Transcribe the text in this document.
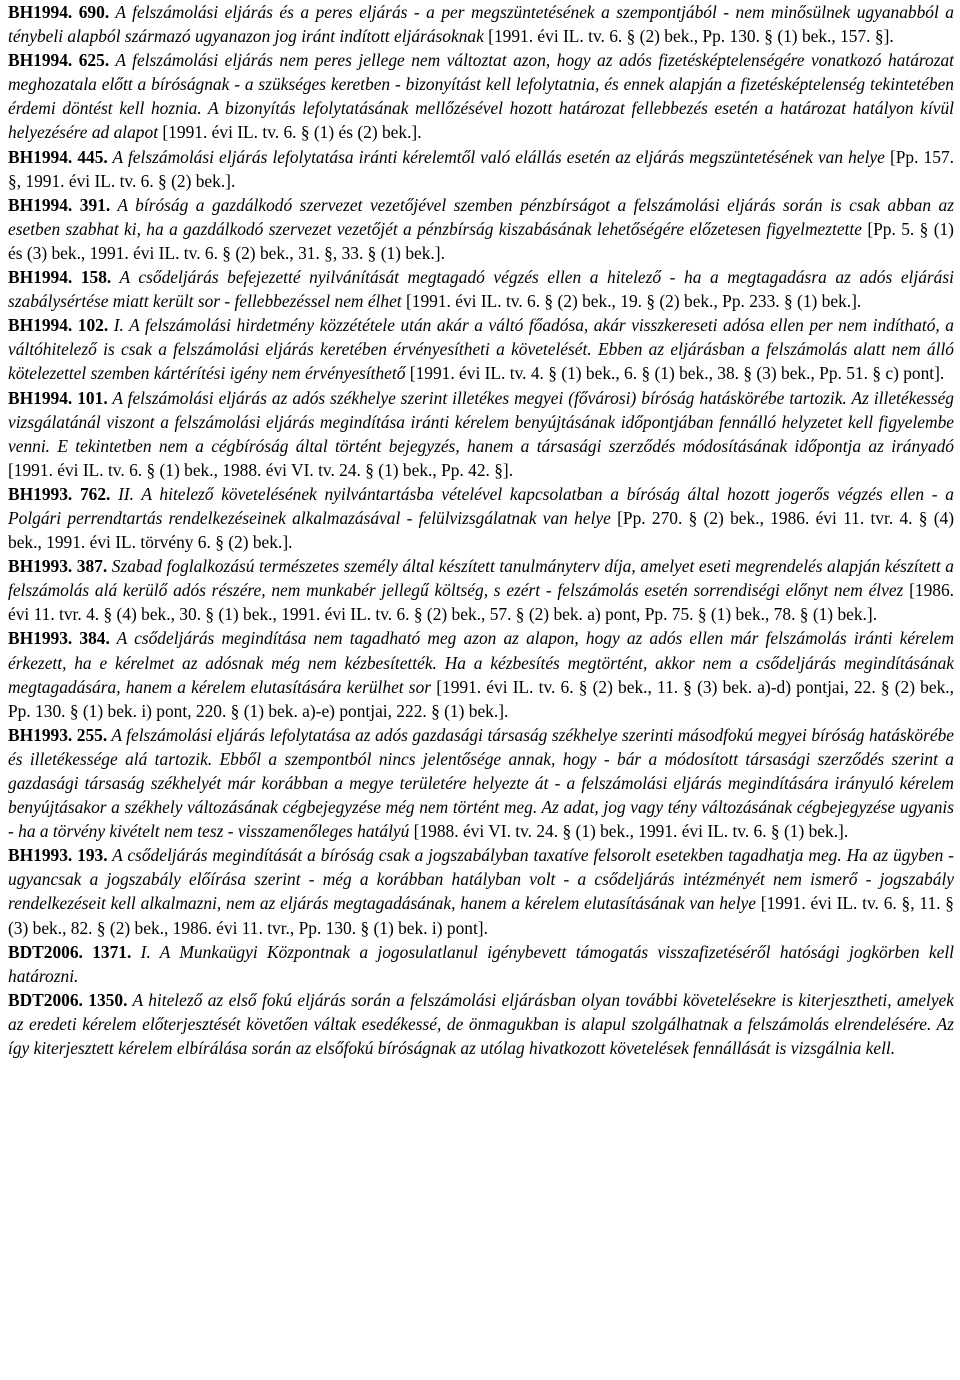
BH1994. 690. A felszámolási eljárás és a peres eljárás - a per megszüntetésének a szempontjából - nem minősülnek ugyanabból a ténybeli alapból származó ugyanazon jog iránt indított eljárásoknak [1991. évi IL. tv. 6. § (2) bek., Pp. 130. § (1) bek., 157. §].

BH1994. 625. A felszámolási eljárás nem peres jellege nem változtat azon, hogy az adós fizetésképtelenségére vonatkozó határozat meghozatala előtt a bíróságnak - a szükséges keretben - bizonyítást kell lefolytatnia, és ennek alapján a fizetésképtelenség tekintetében érdemi döntést kell hoznia. A bizonyítás lefolytatásának mellőzésével hozott határozat fellebbezés esetén a határozat hatályon kívül helyezésére ad alapot [1991. évi IL. tv. 6. § (1) és (2) bek.].

BH1994. 445. A felszámolási eljárás lefolytatása iránti kérelemtől való elállás esetén az eljárás megszüntetésének van helye [Pp. 157. §, 1991. évi IL. tv. 6. § (2) bek.].

BH1994. 391. A bíróság a gazdálkodó szervezet vezetőjével szemben pénzbírságot a felszámolási eljárás során is csak abban az esetben szabhat ki, ha a gazdálkodó szervezet vezetőjét a pénzbírság kiszabásának lehetőségére előzetesen figyelmeztette [Pp. 5. § (1) és (3) bek., 1991. évi IL. tv. 6. § (2) bek., 31. §, 33. § (1) bek.].

BH1994. 158. A csődeljárás befejezetté nyilvánítását megtagadó végzés ellen a hitelező - ha a megtagadásra az adós eljárási szabálysértése miatt került sor - fellebbezéssel nem élhet [1991. évi IL. tv. 6. § (2) bek., 19. § (2) bek., Pp. 233. § (1) bek.].

BH1994. 102. I. A felszámolási hirdetmény közzététele után akár a váltó főadósa, akár visszkereseti adósa ellen per nem indítható, a váltóhitelező is csak a felszámolási eljárás keretében érvényesítheti a követelését. Ebben az eljárásban a felszámolás alatt nem álló kötelezettel szemben kártérítési igény nem érvényesíthető [1991. évi IL. tv. 4. § (1) bek., 6. § (1) bek., 38. § (3) bek., Pp. 51. § c) pont].

BH1994. 101. A felszámolási eljárás az adós székhelye szerint illetékes megyei (fővárosi) bíróság hatáskörébe tartozik. Az illetékesség vizsgálatánál viszont a felszámolási eljárás megindítása iránti kérelem benyújtásának időpontjában fennálló helyzetet kell figyelembe venni. E tekintetben nem a cégbíróság által történt bejegyzés, hanem a társasági szerződés módosításának időpontja az irányadó [1991. évi IL. tv. 6. § (1) bek., 1988. évi VI. tv. 24. § (1) bek., Pp. 42. §].

BH1993. 762. II. A hitelező követelésének nyilvántartásba vételével kapcsolatban a bíróság által hozott jogerős végzés ellen - a Polgári perrendtartás rendelkezéseinek alkalmazásával - felülvizsgálatnak van helye [Pp. 270. § (2) bek., 1986. évi 11. tvr. 4. § (4) bek., 1991. évi IL. törvény 6. § (2) bek.].

BH1993. 387. Szabad foglalkozású természetes személy által készített tanulmányterv díja, amelyet eseti megrendelés alapján készített a felszámolás alá kerülő adós részére, nem munkabér jellegű költség, s ezért - felszámolás esetén sorrendiségi előnyt nem élvez [1986. évi 11. tvr. 4. § (4) bek., 30. § (1) bek., 1991. évi IL. tv. 6. § (2) bek., 57. § (2) bek. a) pont, Pp. 75. § (1) bek., 78. § (1) bek.].

BH1993. 384. A csődeljárás megindítása nem tagadható meg azon az alapon, hogy az adós ellen már felszámolás iránti kérelem érkezett, ha e kérelmet az adósnak még nem kézbesítették. Ha a kézbesítés megtörtént, akkor nem a csődeljárás megindításának megtagadására, hanem a kérelem elutasítására kerülhet sor [1991. évi IL. tv. 6. § (2) bek., 11. § (3) bek. a)-d) pontjai, 22. § (2) bek., Pp. 130. § (1) bek. i) pont, 220. § (1) bek. a)-e) pontjai, 222. § (1) bek.].

BH1993. 255. A felszámolási eljárás lefolytatása az adós gazdasági társaság székhelye szerinti másodfokú megyei bíróság hatáskörébe és illetékessége alá tartozik. Ebből a szempontból nincs jelentősége annak, hogy - bár a módosított társasági szerződés szerint a gazdasági társaság székhelyét már korábban a megye területére helyezte át - a felszámolási eljárás megindítására irányuló kérelem benyújtásakor a székhely változásának cégbejegyzése még nem történt meg. Az adat, jog vagy tény változásának cégbejegyzése ugyanis - ha a törvény kivételt nem tesz - visszamenőleges hatályú [1988. évi VI. tv. 24. § (1) bek., 1991. évi IL. tv. 6. § (1) bek.].

BH1993. 193. A csődeljárás megindítását a bíróság csak a jogszabályban taxatíve felsorolt esetekben tagadhatja meg. Ha az ügyben - ugyancsak a jogszabály előírása szerint - még a korábban hatályban volt - a csődeljárás intézményét nem ismerő - jogszabály rendelkezéseit kell alkalmazni, nem az eljárás megtagadásának, hanem a kérelem elutasításának van helye [1991. évi IL. tv. 6. §, 11. § (3) bek., 82. § (2) bek., 1986. évi 11. tvr., Pp. 130. § (1) bek. i) pont].

BDT2006. 1371. I. A Munkaügyi Központnak a jogosulatlanul igénybevett támogatás visszafizetéséről hatósági jogkörben kell határozni.

BDT2006. 1350. A hitelező az első fokú eljárás során a felszámolási eljárásban olyan további követelésekre is kiterjesztheti, amelyek az eredeti kérelem előterjesztését követően váltak esedékessé, de önmagukban is alapul szolgálhatnak a felszámolás elrendelésére. Az így kiterjesztett kérelem elbírálása során az elsőfokú bíróságnak az utólag hivatkozott követelések fennállását is vizsgálnia kell.
